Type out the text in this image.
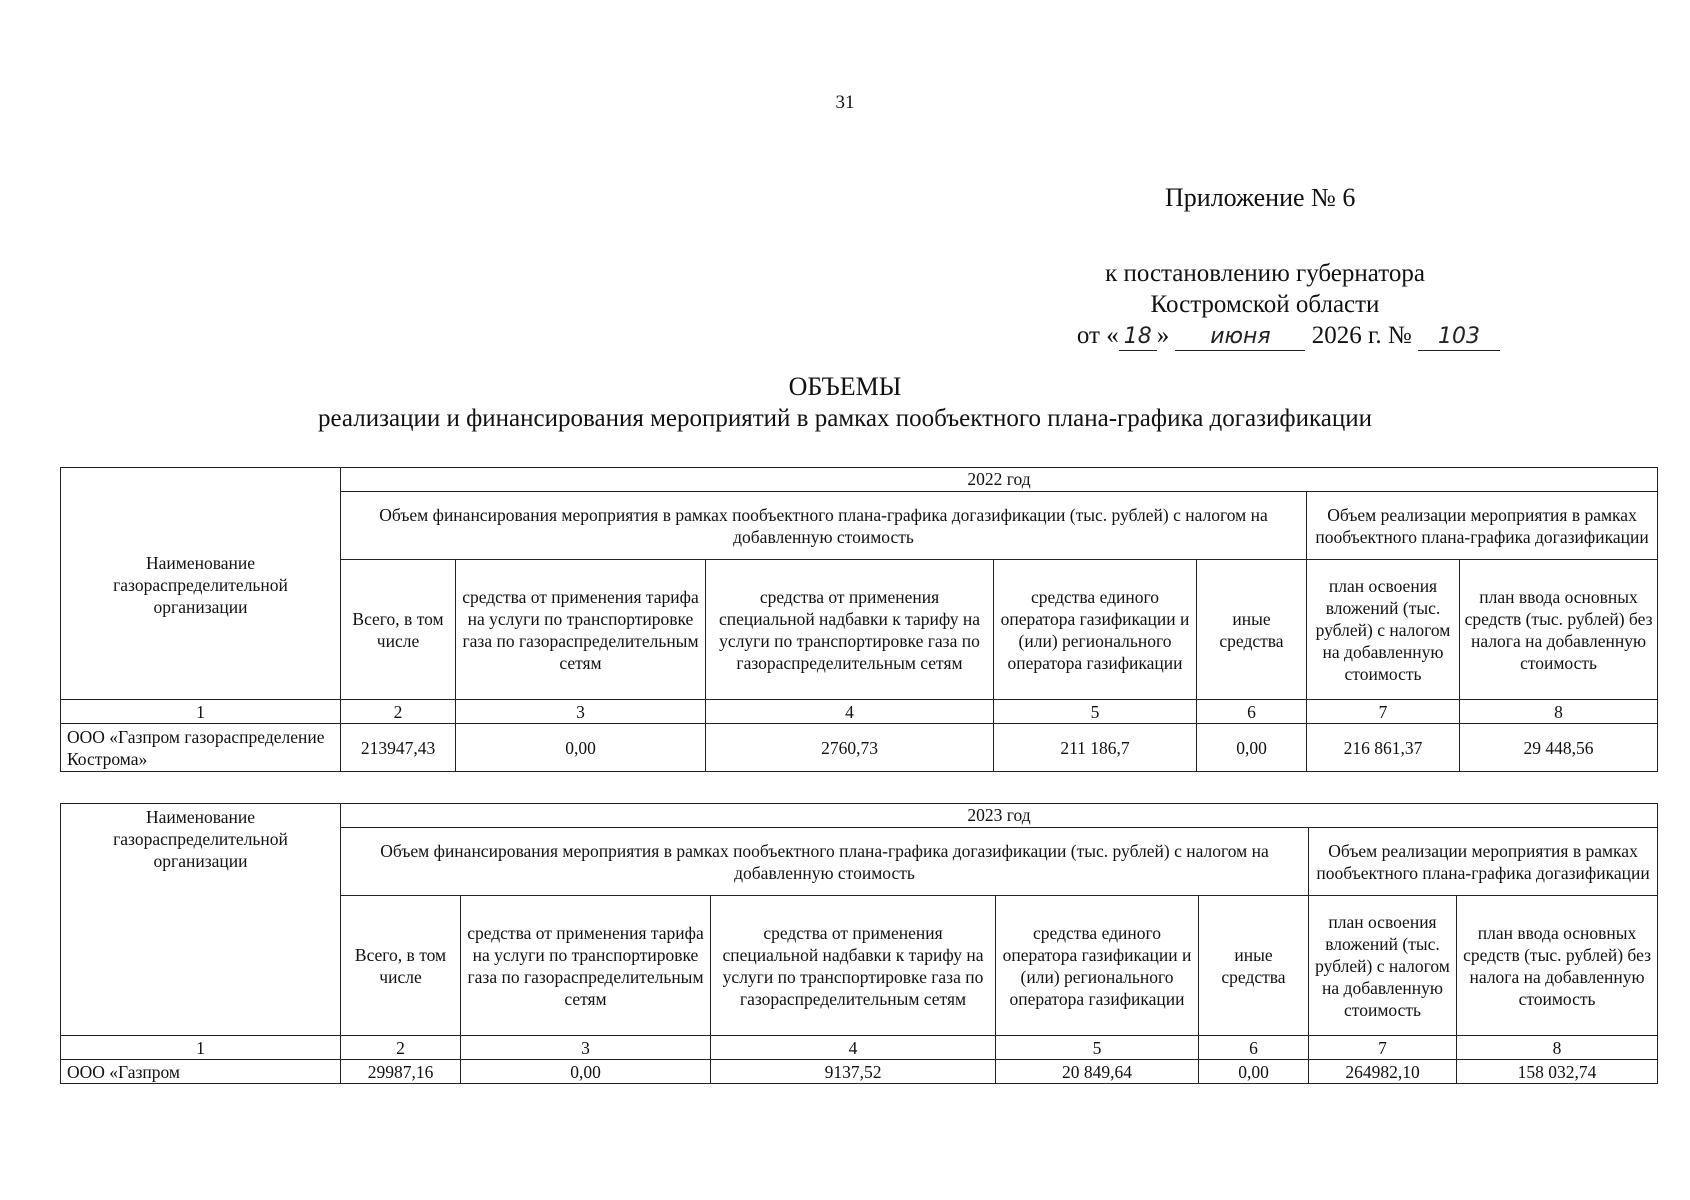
31
Приложение № 6
к постановлению губернатора
Костромской области
от « 18 » июня 2026 г. № 103
ОБЪЕМЫ
реализации и финансирования мероприятий в рамках пообъектного плана-графика догазификации
Наименование газораспределительной организации	2022 год						
	Объем финансирования мероприятия в рамках пообъектного плана-графика догазификации (тыс. рублей) с налогом на добавленную стоимость					Объем реализации мероприятия в рамках пообъектного плана-графика догазификации	
	Всего, в том числе	средства от применения тарифа на услуги по транспортировке газа по газораспределительным сетям	средства от применения специальной надбавки к тарифу на услуги по транспортировке газа по газораспределительным сетям	средства единого оператора газификации и (или) регионального оператора газификации	иные средства	план освоения вложений (тыс. рублей) с налогом на добавленную стоимость	план ввода основных средств (тыс. рублей) без налога на добавленную стоимость
1	2	3	4	5	6	7	8
ООО «Газпром газораспределение Кострома»	213947,43	0,00	2760,73	211 186,7	0,00	216 861,37	29 448,56
Наименование газораспределительной организации	2023 год						
	Объем финансирования мероприятия в рамках пообъектного плана-графика догазификации (тыс. рублей) с налогом на добавленную стоимость					Объем реализации мероприятия в рамках пообъектного плана-графика догазификации	
	Всего, в том числе	средства от применения тарифа на услуги по транспортировке газа по газораспределительным сетям	средства от применения специальной надбавки к тарифу на услуги по транспортировке газа по газораспределительным сетям	средства единого оператора газификации и (или) регионального оператора газификации	иные средства	план освоения вложений (тыс. рублей) с налогом на добавленную стоимость	план ввода основных средств (тыс. рублей) без налога на добавленную стоимость
1	2	3	4	5	6	7	8
ООО «Газпром	29987,16	0,00	9137,52	20 849,64	0,00	264982,10	158 032,74
